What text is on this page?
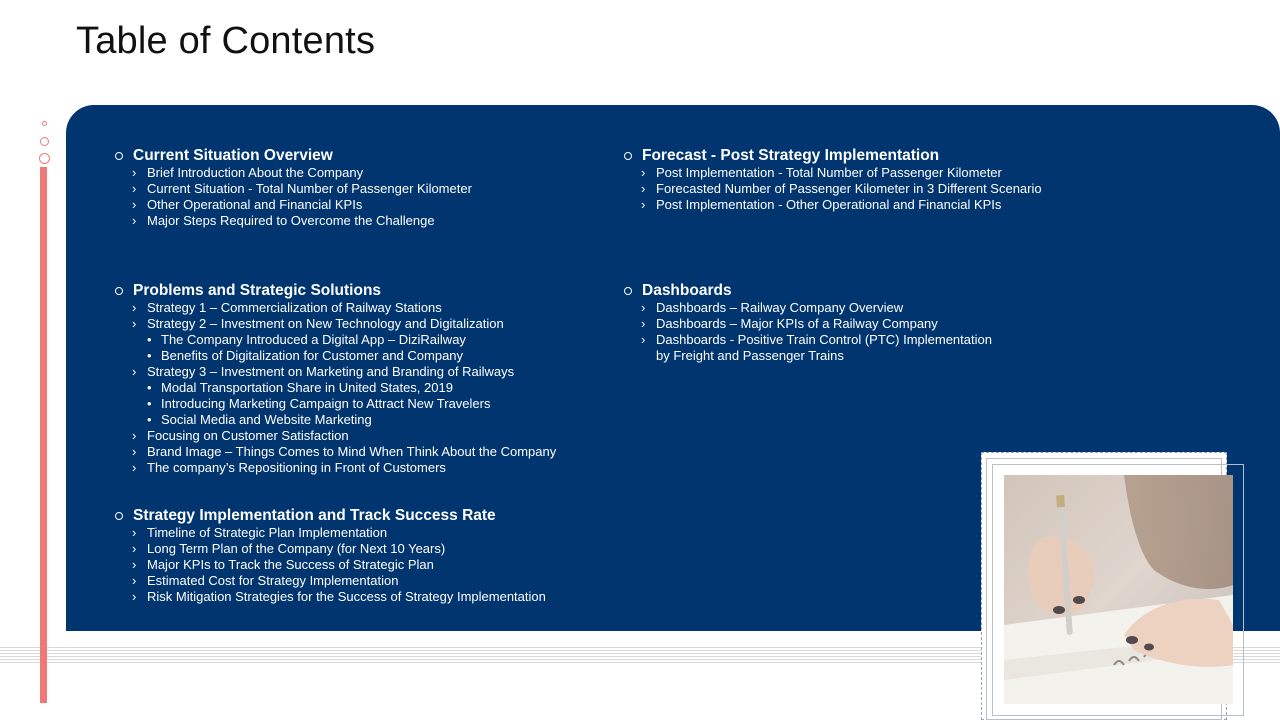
Table of Contents
Current Situation Overview
› Brief Introduction About the Company
› Current Situation - Total Number of Passenger Kilometer
› Other Operational and Financial KPIs
› Major Steps Required to Overcome the Challenge
Problems and Strategic Solutions
› Strategy 1 – Commercialization of Railway Stations
› Strategy 2 – Investment on New Technology and Digitalization
• The Company Introduced a Digital App – DiziRailway
• Benefits of Digitalization for Customer and Company
› Strategy 3 – Investment on Marketing and Branding of Railways
• Modal Transportation Share in United States, 2019
• Introducing Marketing Campaign to Attract New Travelers
• Social Media and Website Marketing
› Focusing on Customer Satisfaction
› Brand Image – Things Comes to Mind When Think About the Company
› The company’s Repositioning in Front of Customers
Strategy Implementation and Track Success Rate
› Timeline of Strategic Plan Implementation
› Long Term Plan of the Company (for Next 10 Years)
› Major KPIs to Track the Success of Strategic Plan
› Estimated Cost for Strategy Implementation
› Risk Mitigation Strategies for the Success of Strategy Implementation
Forecast - Post Strategy Implementation
› Post Implementation - Total Number of Passenger Kilometer
› Forecasted Number of Passenger Kilometer in 3 Different Scenario
› Post Implementation - Other Operational and Financial KPIs
Dashboards
› Dashboards – Railway Company Overview
› Dashboards – Major KPIs of a Railway Company
› Dashboards - Positive Train Control (PTC) Implementation
by Freight and Passenger Trains
